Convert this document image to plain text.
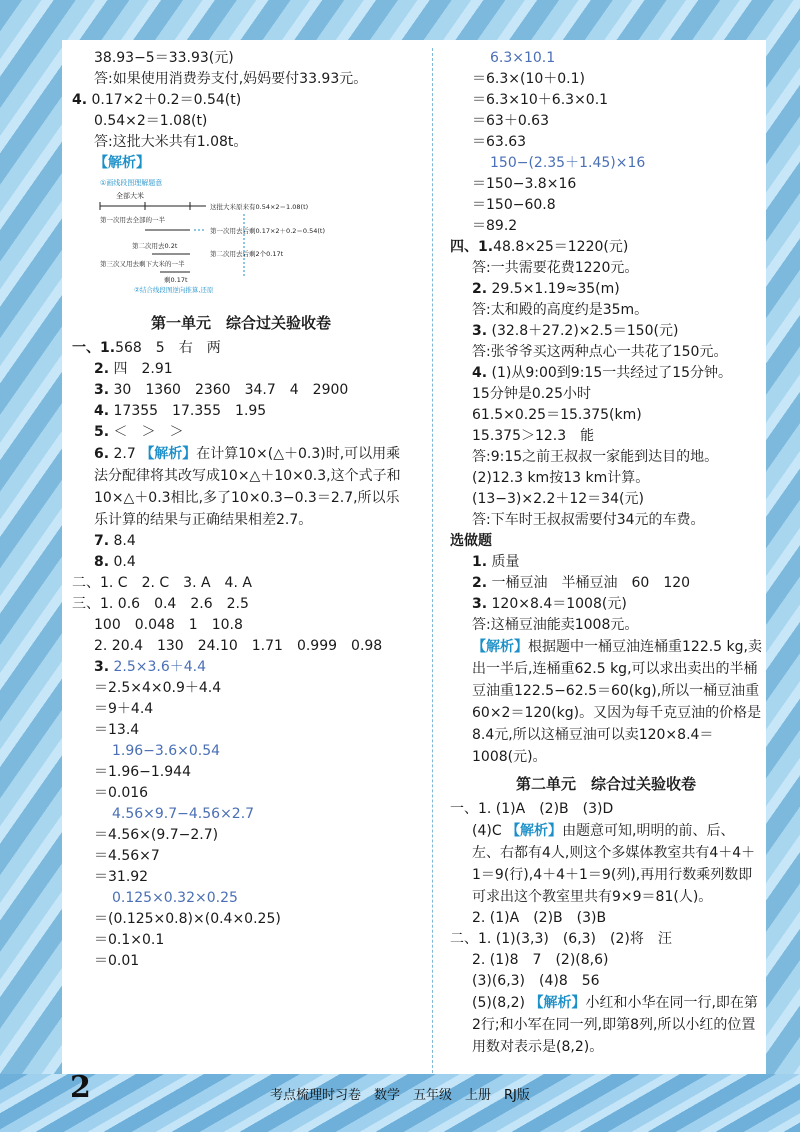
38.93−5＝33.93(元)

答:如果使用消费券支付,妈妈要付33.93元。

4. 0.17×2＋0.2＝0.54(t)

0.54×2＝1.08(t)

答:这批大米共有1.08t。

【解析】

①画线段图理解题意
全部大米
这批大米原来有0.54×2＝1.08(t)
第一次用去全部的一半
第一次用去后剩0.17×2＋0.2＝0.54(t)
第二次用去0.2t
第二次用去后剩2个0.17t
第三次又用去剩下大米的一半
剩0.17t
②结合线段图逆向推算,还原
第一单元　综合过关验收卷

一、1.568　5　右　两

2. 四　2.91

3. 30　1360　2360　34.7　4　2900

4. 17355　17.355　1.95

5. ＜　＞　＞

6. 2.7 【解析】在计算10×(△＋0.3)时,可以用乘法分配律将其改写成10×△＋10×0.3,这个式子和10×△＋0.3相比,多了10×0.3−0.3＝2.7,所以乐乐计算的结果与正确结果相差2.7。

7. 8.4

8. 0.4

二、1. C　2. C　3. A　4. A

三、1. 0.6　0.4　2.6　2.5

100　0.048　1　10.8

2. 20.4　130　24.10　1.71　0.999　0.98

3. 2.5×3.6＋4.4

＝2.5×4×0.9＋4.4

＝9＋4.4

＝13.4

1.96−3.6×0.54

＝1.96−1.944

＝0.016

4.56×9.7−4.56×2.7

＝4.56×(9.7−2.7)

＝4.56×7

＝31.92

0.125×0.32×0.25

＝(0.125×0.8)×(0.4×0.25)

＝0.1×0.1

＝0.01

6.3×10.1

＝6.3×(10＋0.1)

＝6.3×10＋6.3×0.1

＝63＋0.63

＝63.63

150−(2.35＋1.45)×16

＝150−3.8×16

＝150−60.8

＝89.2

四、1.48.8×25＝1220(元)

答:一共需要花费1220元。

2. 29.5×1.19≈35(m)

答:太和殿的高度约是35m。

3. (32.8＋27.2)×2.5＝150(元)

答:张爷爷买这两种点心一共花了150元。

4. (1)从9:00到9:15一共经过了15分钟。

15分钟是0.25小时

61.5×0.25＝15.375(km)

15.375＞12.3　能

答:9:15之前王叔叔一家能到达目的地。

(2)12.3 km按13 km计算。

(13−3)×2.2＋12＝34(元)

答:下车时王叔叔需要付34元的车费。

选做题

1. 质量

2. 一桶豆油　半桶豆油　60　120

3. 120×8.4＝1008(元)

答:这桶豆油能卖1008元。

【解析】根据题中一桶豆油连桶重122.5 kg,卖出一半后,连桶重62.5 kg,可以求出卖出的半桶豆油重122.5−62.5＝60(kg),所以一桶豆油重60×2＝120(kg)。又因为每千克豆油的价格是8.4元,所以这桶豆油可以卖120×8.4＝1008(元)。

第二单元　综合过关验收卷

一、1. (1)A　(2)B　(3)D

(4)C 【解析】由题意可知,明明的前、后、左、右都有4人,则这个多媒体教室共有4＋4＋1＝9(行),4＋4＋1＝9(列),再用行数乘列数即可求出这个教室里共有9×9＝81(人)。

2. (1)A　(2)B　(3)B

二、1. (1)(3,3)　(6,3)　(2)将　汪

2. (1)8　7　(2)(8,6)

(3)(6,3)　(4)8　56

(5)(8,2) 【解析】小红和小华在同一行,即在第2行;和小军在同一列,即第8列,所以小红的位置用数对表示是(8,2)。

2	考点梳理时习卷　数学　五年级　上册　RJ版
